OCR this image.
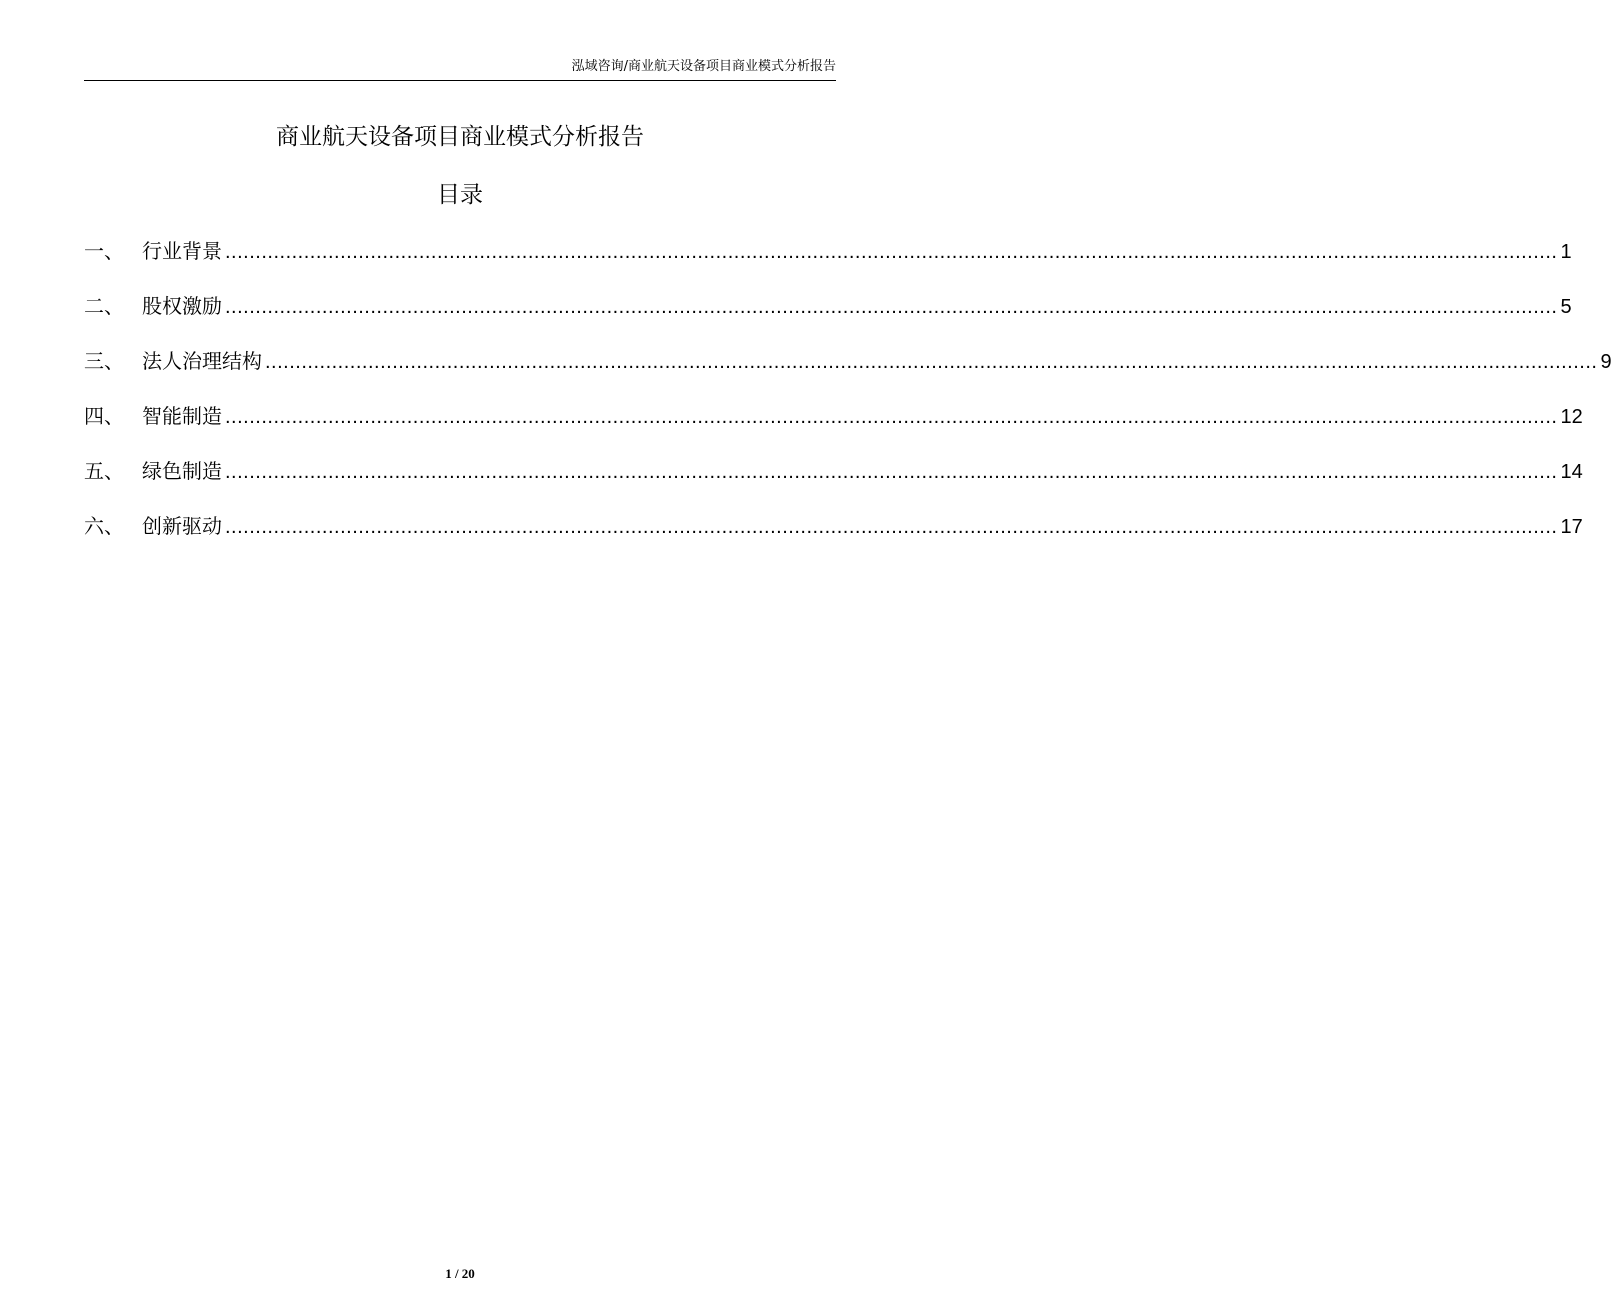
泓域咨询/商业航天设备项目商业模式分析报告
商业航天设备项目商业模式分析报告
目录
一、 行业背景 ............................................................................................................................................................................................................................ 1
二、 股权激励 ............................................................................................................................................................................................................................ 5
三、 法人治理结构 ............................................................................................................................................................................................................................ 9
四、 智能制造 ............................................................................................................................................................................................................................ 12
五、 绿色制造 ............................................................................................................................................................................................................................ 14
六、 创新驱动 ............................................................................................................................................................................................................................ 17
1 / 20
